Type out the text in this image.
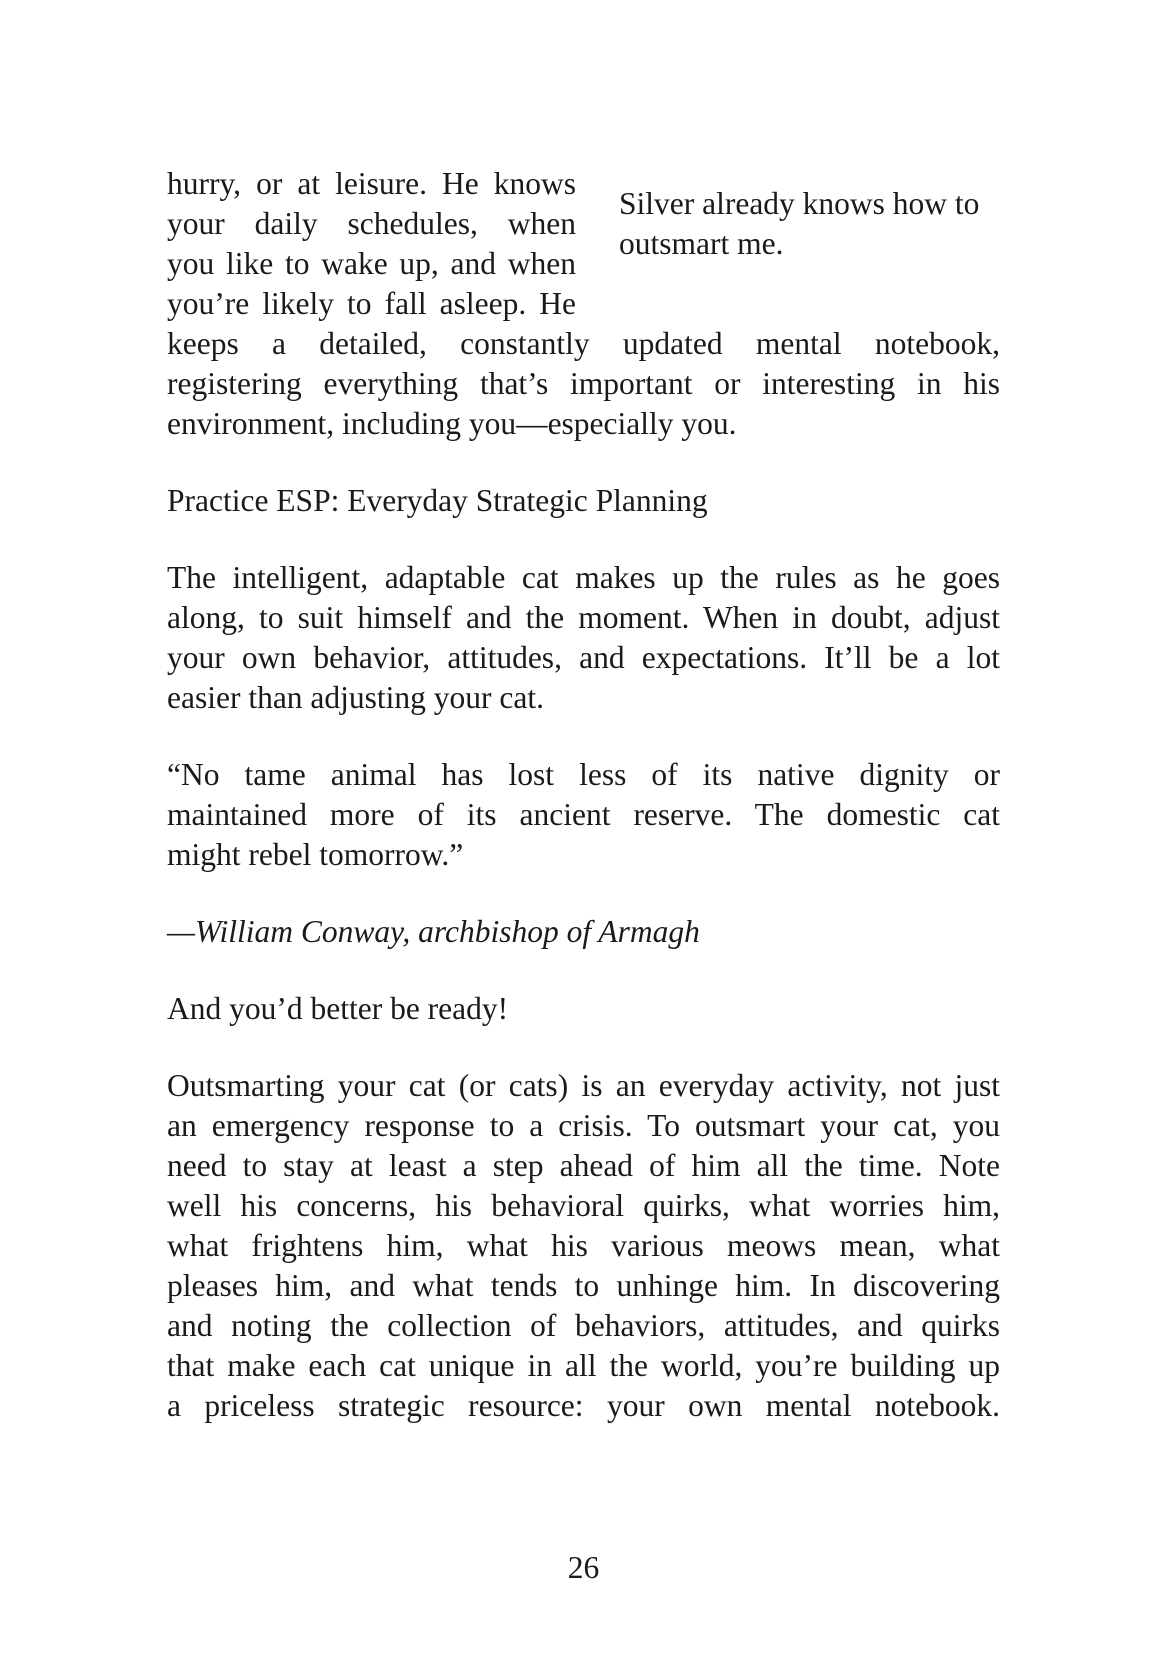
hurry, or at leisure. He knows
your daily schedules, when
you like to wake up, and when
you’re likely to fall asleep. He
Silver already knows how to outsmart me.
keeps a detailed, constantly updated mental notebook,
registering everything that’s important or interesting in his
environment, including you—especially you.

Practice ESP: Everyday Strategic Planning

The intelligent, adaptable cat makes up the rules as he goes
along, to suit himself and the moment. When in doubt, adjust
your own behavior, attitudes, and expectations. It’ll be a lot
easier than adjusting your cat.
“No tame animal has lost less of its native dignity or
maintained more of its ancient reserve. The domestic cat
might rebel tomorrow.”

—William Conway, archbishop of Armagh

And you’d better be ready!

Outsmarting your cat (or cats) is an everyday activity, not just
an emergency response to a crisis. To outsmart your cat, you
need to stay at least a step ahead of him all the time. Note
well his concerns, his behavioral quirks, what worries him,
what frightens him, what his various meows mean, what
pleases him, and what tends to unhinge him. In discovering
and noting the collection of behaviors, attitudes, and quirks
that make each cat unique in all the world, you’re building up
a priceless strategic resource: your own mental notebook.
26
